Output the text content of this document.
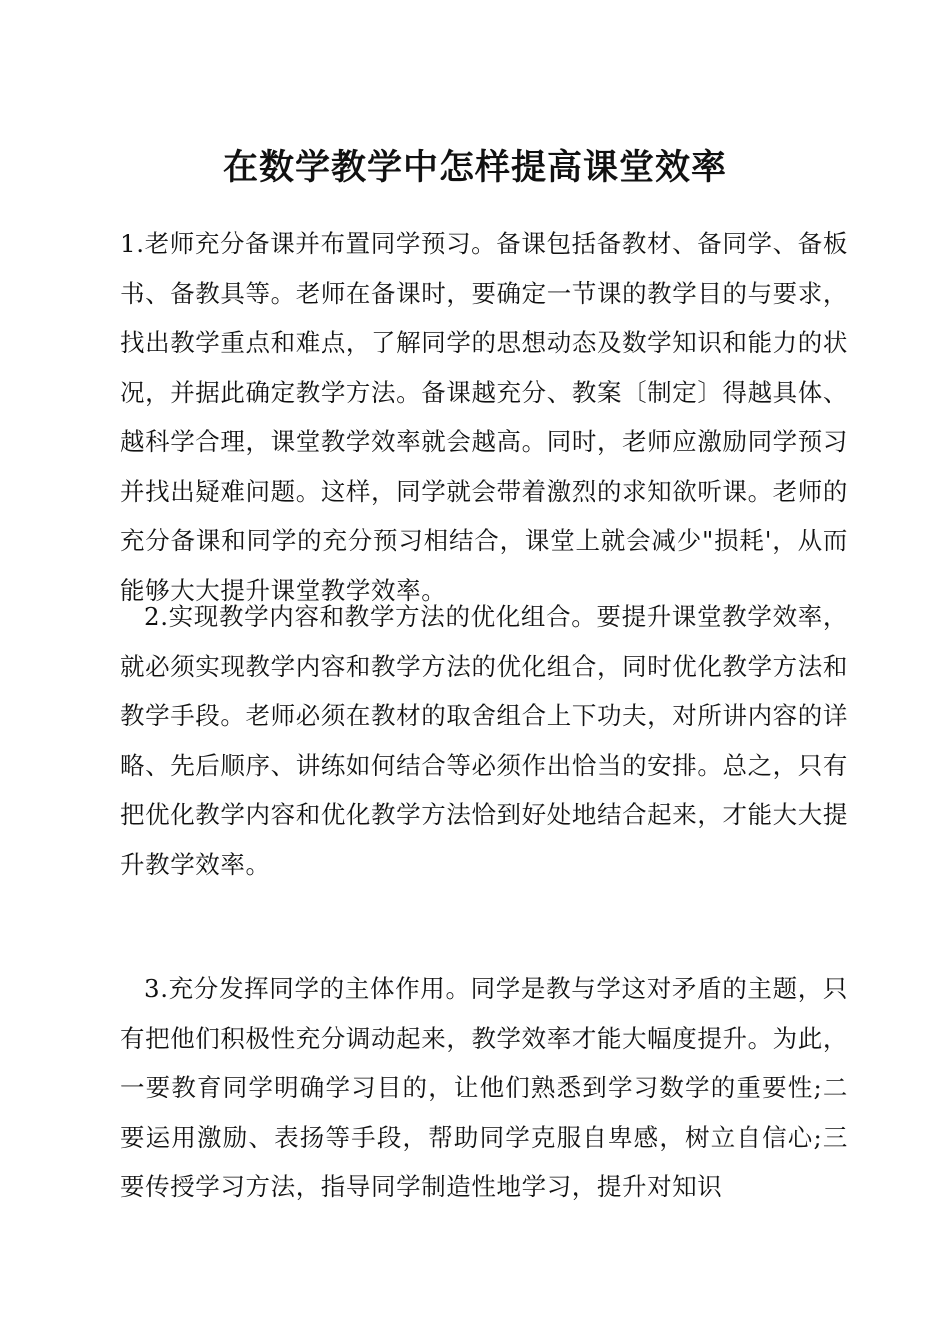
在数学教学中怎样提高课堂效率
1.老师充分备课并布置同学预习。备课包括备教材、备同学、备板书、备教具等。老师在备课时，要确定一节课的教学目的与要求，找出教学重点和难点，了解同学的思想动态及数学知识和能力的状况，并据此确定教学方法。备课越充分、教案〔制定〕得越具体、越科学合理，课堂教学效率就会越高。同时，老师应激励同学预习并找出疑难问题。这样，同学就会带着激烈的求知欲听课。老师的充分备课和同学的充分预习相结合，课堂上就会减少"损耗'，从而能够大大提升课堂教学效率。
2.实现教学内容和教学方法的优化组合。要提升课堂教学效率，就必须实现教学内容和教学方法的优化组合，同时优化教学方法和教学手段。老师必须在教材的取舍组合上下功夫，对所讲内容的详略、先后顺序、讲练如何结合等必须作出恰当的安排。总之，只有把优化教学内容和优化教学方法恰到好处地结合起来，才能大大提升教学效率。
3.充分发挥同学的主体作用。同学是教与学这对矛盾的主题，只有把他们积极性充分调动起来，教学效率才能大幅度提升。为此，一要教育同学明确学习目的，让他们熟悉到学习数学的重要性;二要运用激励、表扬等手段，帮助同学克服自卑感，树立自信心;三要传授学习方法，指导同学制造性地学习，提升对知识
